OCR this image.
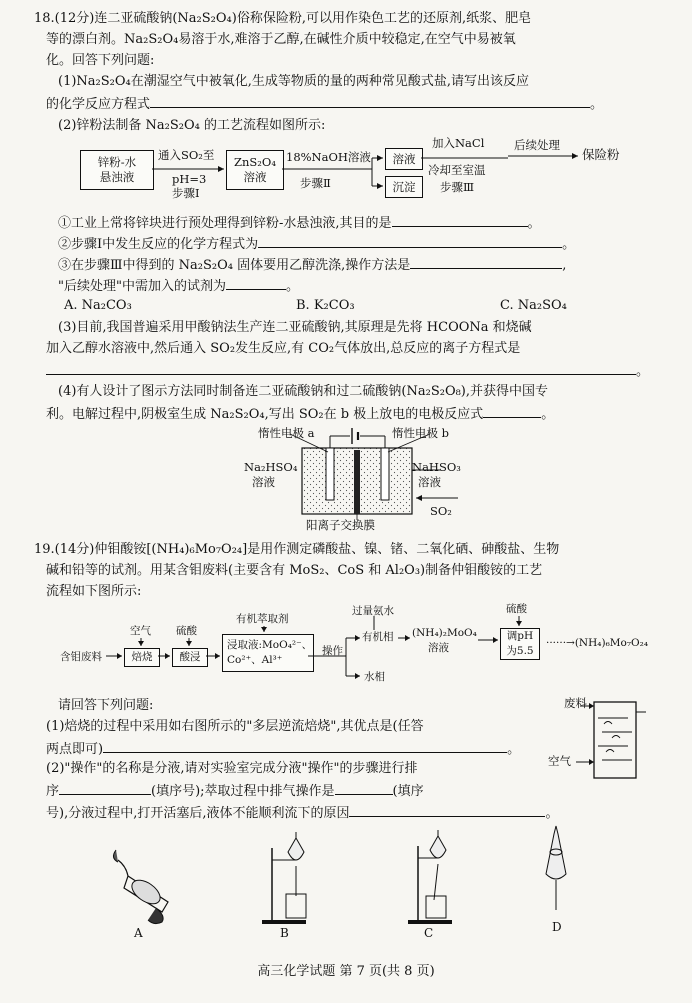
18.(12分)连二亚硫酸钠(Na₂S₂O₄)俗称保险粉,可以用作染色工艺的还原剂,纸浆、肥皂
等的漂白剂。Na₂S₂O₄易溶于水,难溶于乙醇,在碱性介质中较稳定,在空气中易被氧
化。回答下列问题:
(1)Na₂S₂O₄在潮湿空气中被氧化,生成等物质的量的两种常见酸式盐,请写出该反应
的化学反应方程式	。
(2)锌粉法制备 Na₂S₂O₄ 的工艺流程如图所示:
锌粉-水
悬浊液
通入SO₂至
pH=3
步骤Ⅰ
ZnS₂O₄
溶液
18%NaOH溶液
步骤Ⅱ
溶液
沉淀
加入NaCl
冷却至室温
步骤Ⅲ
后续处理
保险粉
①工业上常将锌块进行预处理得到锌粉-水悬浊液,其目的是	。
②步骤Ⅰ中发生反应的化学方程式为	。
③在步骤Ⅲ中得到的 Na₂S₂O₄ 固体要用乙醇洗涤,操作方法是	,
"后续处理"中需加入的试剂为	。
A. Na₂CO₃	B. K₂CO₃	C. Na₂SO₄
(3)目前,我国普遍采用甲酸钠法生产连二亚硫酸钠,其原理是先将 HCOONa 和烧碱
加入乙醇水溶液中,然后通入 SO₂发生反应,有 CO₂气体放出,总反应的离子方程式是
。
(4)有人设计了图示方法同时制备连二亚硫酸钠和过二硫酸钠(Na₂S₂O₈),并获得中国专
利。电解过程中,阴极室生成 Na₂S₂O₄,写出 SO₂在 b 极上放电的电极反应式	。
惰性电极 a	惰性电极 b
Na₂HSO₄
溶液
NaHSO₃
溶液
SO₂
阳离子交换膜
19.(14分)仲钼酸铵[(NH₄)₆Mo₇O₂₄]是用作测定磷酸盐、镍、锗、二氧化硒、砷酸盐、生物
碱和铅等的试剂。用某含钼废料(主要含有 MoS₂、CoS 和 Al₂O₃)制备仲钼酸铵的工艺
流程如下图所示:
含钼废料
空气
焙烧
硫酸
酸浸
有机萃取剂
浸取液:MoO₄²⁻、
Co²⁺、Al³⁺
操作
有机相
水相
过量氨水
(NH₄)₂MoO₄
溶液
硫酸
调pH
为5.5
······→(NH₄)₆Mo₇O₂₄
请回答下列问题:
(1)焙烧的过程中采用如右图所示的"多层逆流焙烧",其优点是(任答
两点即可)	。
(2)"操作"的名称是分液,请对实验室完成分液"操作"的步骤进行排
序	(填序号);萃取过程中排气操作是	(填序
号),分液过程中,打开活塞后,液体不能顺利流下的原因	。
废料
空气
A	B	C	D
高三化学试题 第 7 页(共 8 页)
